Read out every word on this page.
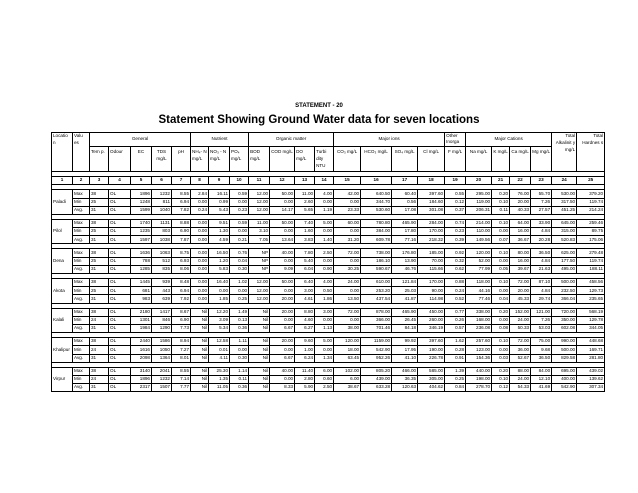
STATEMENT - 20
Statement Showing Ground Water data for seven locations
Locatio n	Valu es	General					Nutrient			Organic matter				Major ions				Other Inorga	Major Cations				Total Alkalinit y mg/L	Total Hardnes s
		Tem p.	Odour	EC	TDS mg/L	pH	NH₄- N mg/L	NO₃ - N mg/L	PO₄ mg/L	BOD mg/L	COD mg/L	DO mg/L	Turbi dity NTU	CO₃ mg/L	HCO₃ mg/L	SO₄ mg/L	Cl mg/L	F mg/L	Na mg/L	K mg/L	Ca mg/L	Mg mg/L		

1	2	3	4	5	6	7	8	9	10	11	12	13	14	15	16	17	18	19	20	21	22	23	24	25

Paladi	Max	38	OL	1896	1232	8.55	2.84	16.11	0.59	12.00	50.00	11.00	4.00	42.00	640.50	60.40	397.60	0.55	295.00	0.20	76.00	55.70	530.00	379.20
	Min	25	OL	1248	811	6.94	0.00	0.99	0.00	12.00	0.00	2.60	0.00	0.00	344.70	0.56	184.60	0.12	119.00	0.10	20.00	7.26	317.50	119.74
	Avg.	31	OL	1599	1040	7.82	0.24	5.43	0.23	12.00	14.17	5.65	1.19	23.33	530.60	17.08	301.08	0.37	206.31	0.11	40.33	27.57	451.25	214.24

Pilol	Max	38	OL	1740	1131	8.88	0.00	9.51	0.59	11.00	50.00	7.40	5.00	60.00	780.80	465.90	284.00	0.74	214.00	0.10	64.00	33.90	645.00	259.46
	Min	25	OL	1235	803	6.90	0.00	1.30	0.00	3.10	0.00	1.60	0.00	0.00	384.00	17.80	170.00	0.23	110.00	0.00	16.00	4.84	315.00	89.75
	Avg.	31	OL	1597	1038	7.87	0.00	4.59	0.21	7.05	13.64	3.83	1.40	31.20	609.78	77.16	218.32	0.39	149.56	0.07	36.67	20.28	520.83	175.06

Dena	Max	38	OL	1636	1063	8.75	0.00	16.50	0.76	NP	40.00	7.80	2.50	72.00	738.00	176.80	185.00	0.92	120.00	0.10	80.00	36.50	625.00	279.48
	Min	25	OL	788	512	6.93	0.00	1.20	0.04	NP	0.00	5.40	0.00	0.00	186.10	13.90	70.00	0.32	52.00	0.00	16.00	4.84	177.50	119.74
	Avg.	31	OL	1285	835	8.06	0.00	5.83	0.30	NP	9.09	6.04	0.90	30.25	590.67	46.76	115.66	0.62	77.99	0.05	39.67	21.63	495.00	188.11

Akota	Max	38	OL	1445	939	8.48	0.00	16.40	1.02	12.00	50.00	6.40	4.00	24.00	610.00	121.84	170.00	0.88	118.00	0.10	72.00	87.10	500.00	458.56
	Min	25	OL	681	443	6.94	0.00	0.00	0.00	12.00	0.00	3.00	0.50	0.00	253.20	25.03	90.00	0.24	44.16	0.00	20.00	4.84	232.50	129.73
	Avg.	31	OL	983	639	7.92	0.00	1.85	0.25	12.00	20.00	4.61	1.86	13.50	437.54	41.87	114.98	0.52	77.46	0.04	45.33	29.74	366.04	235.65

Kalali	Max	38	OL	2180	1417	8.67	Nil	12.20	1.49	Nil	20.00	8.80	3.00	72.00	878.00	465.90	450.00	0.77	338.00	0.20	152.00	121.00	720.00	568.19
	Min	24	OL	1301	846	6.90	Nil	3.09	0.13	Nil	0.00	4.60	0.00	0.00	366.00	26.45	260.00	0.26	168.00	0.00	24.00	7.26	350.00	129.78
	Avg.	31	OL	1984	1290	7.73	Nil	5.34	0.36	Nil	6.67	6.27	1.13	38.00	701.46	84.18	346.19	0.57	236.08	0.08	50.33	53.03	602.08	344.05

Khalipur	Max	38	OL	2440	1586	8.94	Nil	12.58	1.11	Nil	20.00	9.60	5.00	120.00	1159.00	99.92	397.60	1.62	257.60	0.10	72.00	75.00	990.00	448.68
	Min	24	OL	1616	1050	7.27	Nil	0.01	0.00	Nil	0.00	1.00	0.00	18.00	542.90	17.95	190.00	0.28	123.00	0.00	36.00	9.68	500.00	169.71
	Avg.	31	OL	2098	1364	8.01	Nil	4.11	0.30	Nil	6.67	6.24	1.34	63.45	952.26	41.10	226.78	0.91	154.36	0.03	52.67	36.50	829.58	281.80

Virpur	Max	38	OL	3140	2041	8.55	Nil	25.30	1.14	Nil	40.00	11.40	6.00	102.00	805.20	466.00	585.00	1.39	440.00	0.20	88.00	84.00	695.00	439.02
	Min	24	OL	1896	1232	7.14	Nil	1.35	0.11	Nil	0.00	2.80	0.60	6.00	439.00	36.35	305.00	0.25	198.00	0.10	24.00	12.10	400.00	139.62
	Avg.	31	OL	2317	1507	7.77	Nil	11.05	0.36	Nil	8.33	5.90	2.50	38.67	633.28	120.63	404.62	0.84	278.70	0.12	54.33	41.69	542.90	307.34
